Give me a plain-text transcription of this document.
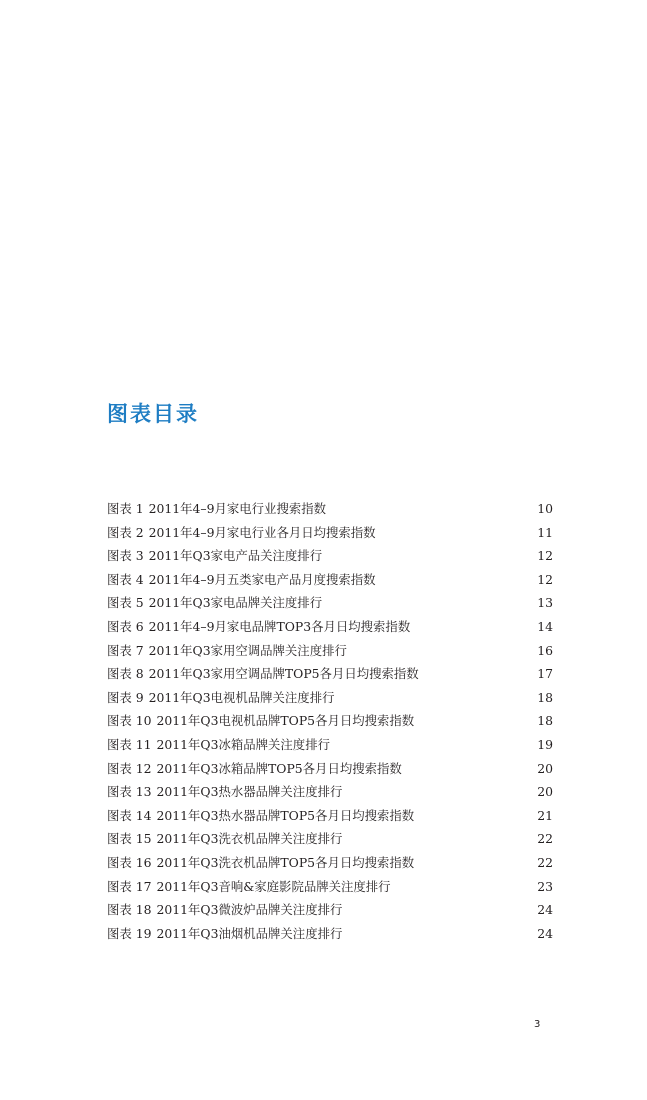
图表目录
图表 1 2011年4–9月家电行业搜索指数	10
图表 2 2011年4–9月家电行业各月日均搜索指数	11
图表 3 2011年Q3家电产品关注度排行	12
图表 4 2011年4–9月五类家电产品月度搜索指数	12
图表 5 2011年Q3家电品牌关注度排行	13
图表 6 2011年4–9月家电品牌TOP3各月日均搜索指数	14
图表 7 2011年Q3家用空调品牌关注度排行	16
图表 8 2011年Q3家用空调品牌TOP5各月日均搜索指数	17
图表 9 2011年Q3电视机品牌关注度排行	18
图表 10 2011年Q3电视机品牌TOP5各月日均搜索指数	18
图表 11 2011年Q3冰箱品牌关注度排行	19
图表 12 2011年Q3冰箱品牌TOP5各月日均搜索指数	20
图表 13 2011年Q3热水器品牌关注度排行	20
图表 14 2011年Q3热水器品牌TOP5各月日均搜索指数	21
图表 15 2011年Q3洗衣机品牌关注度排行	22
图表 16 2011年Q3洗衣机品牌TOP5各月日均搜索指数	22
图表 17 2011年Q3音响&家庭影院品牌关注度排行	23
图表 18 2011年Q3微波炉品牌关注度排行	24
图表 19 2011年Q3油烟机品牌关注度排行	24
3
